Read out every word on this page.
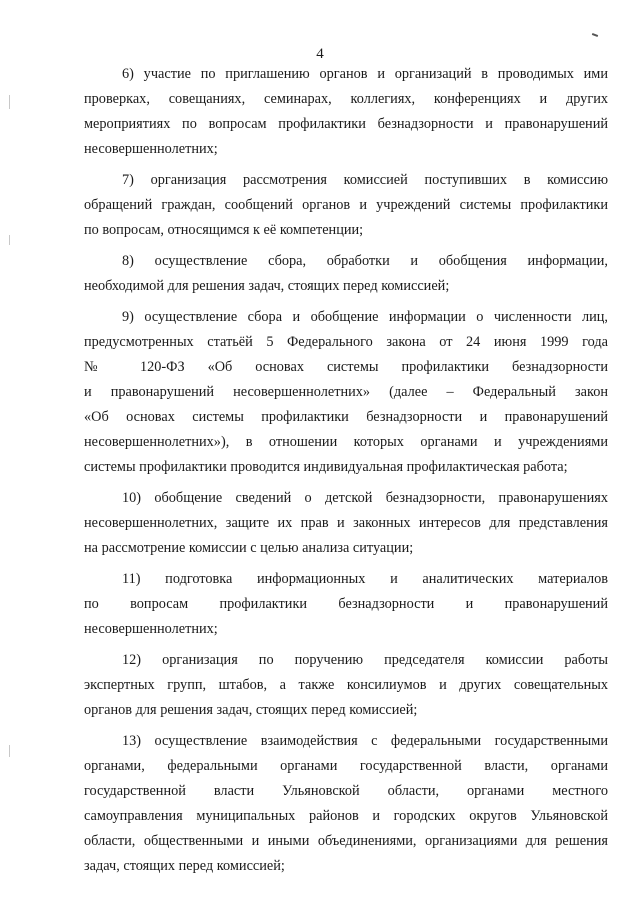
4
6) участие по приглашению органов и организаций в проводимых ими
проверках, совещаниях, семинарах, коллегиях, конференциях и других
мероприятиях по вопросам профилактики безнадзорности и правонарушений
несовершеннолетних;
7) организация рассмотрения комиссией поступивших в комиссию
обращений граждан, сообщений органов и учреждений системы профилактики
по вопросам, относящимся к её компетенции;
8) осуществление сбора, обработки и обобщения информации,
необходимой для решения задач, стоящих перед комиссией;
9) осуществление сбора и обобщение информации о численности лиц,
предусмотренных статьёй 5 Федерального закона от 24 июня 1999 года
№ 120-ФЗ «Об основах системы профилактики безнадзорности
и правонарушений несовершеннолетних» (далее – Федеральный закон
«Об основах системы профилактики безнадзорности и правонарушений
несовершеннолетних»), в отношении которых органами и учреждениями
системы профилактики проводится индивидуальная профилактическая работа;
10) обобщение сведений о детской безнадзорности, правонарушениях
несовершеннолетних, защите их прав и законных интересов для представления
на рассмотрение комиссии с целью анализа ситуации;
11) подготовка информационных и аналитических материалов
по вопросам профилактики безнадзорности и правонарушений
несовершеннолетних;
12) организация по поручению председателя комиссии работы
экспертных групп, штабов, а также консилиумов и других совещательных
органов для решения задач, стоящих перед комиссией;
13) осуществление взаимодействия с федеральными государственными
органами, федеральными органами государственной власти, органами
государственной власти Ульяновской области, органами местного
самоуправления муниципальных районов и городских округов Ульяновской
области, общественными и иными объединениями, организациями для решения
задач, стоящих перед комиссией;
